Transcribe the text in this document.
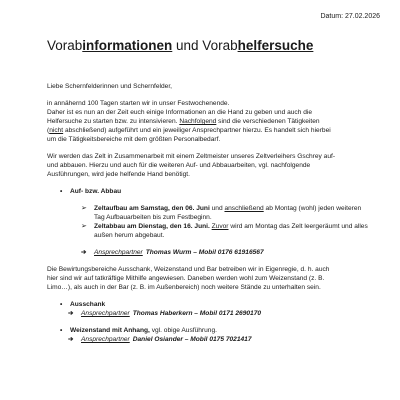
Datum: 27.02.2026
Vorabinformationen und Vorabhelfersuche

Liebe Schernfelderinnen und Schernfelder,

in annähernd 100 Tagen starten wir in unser Festwochenende.

Daher ist es nun an der Zeit euch einige Informationen an die Hand zu geben und auch die

Helfersuche zu starten bzw. zu intensivieren. Nachfolgend sind die verschiedenen Tätigkeiten

(nicht abschließend) aufgeführt und ein jeweiliger Ansprechpartner hierzu. Es handelt sich hierbei

um die Tätigkeitsbereiche mit dem größten Personalbedarf.

Wir werden das Zelt in Zusammenarbeit mit einem Zeltmeister unseres Zeltverleihers Gschrey auf-

und abbauen. Hierzu und auch für die weiteren Auf- und Abbauarbeiten, vgl. nachfolgende

Ausführungen, wird jede helfende Hand benötigt.

•	Auf- bzw. Abbau
➢	Zeltaufbau am Samstag, den 06. Juni und anschließend ab Montag (wohl) jeden weiteren

Tag Aufbauarbeiten bis zum Festbeginn.

➢	Zeltabbau am Dienstag, den 16. Juni. Zuvor wird am Montag das Zelt leergeräumt und alles

außen herum abgebaut.

➔	Ansprechpartner Thomas Wurm – Mobil 0176 61916567

Die Bewirtungsbereiche Ausschank, Weizenstand und Bar betreiben wir in Eigenregie, d. h. auch

hier sind wir auf tatkräftige Mithilfe angewiesen. Daneben werden wohl zum Weizenstand (z. B.

Limo…), als auch in der Bar (z. B. im Außenbereich) noch weitere Stände zu unterhalten sein.

•	Ausschank
➔	Ansprechpartner Thomas Haberkern – Mobil 0171 2690170
•	Weizenstand mit Anhang, vgl. obige Ausführung.
➔	Ansprechpartner Daniel Osiander – Mobil 0175 7021417
